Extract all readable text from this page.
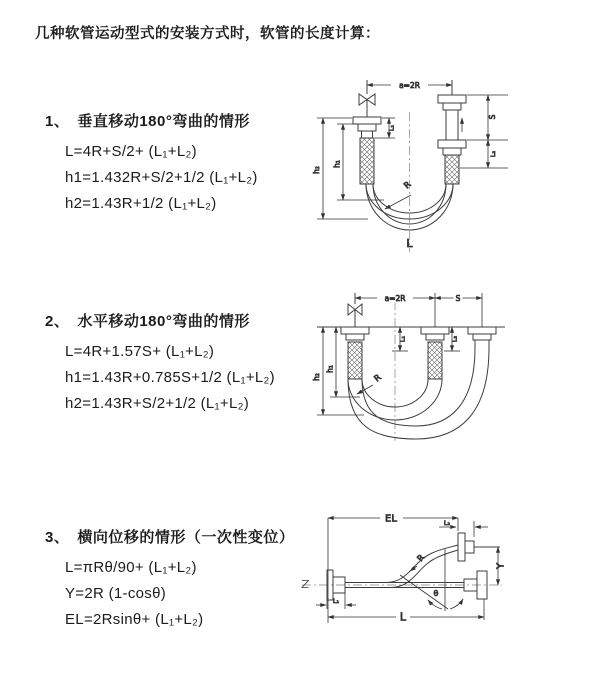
几种软管运动型式的安装方式时，软管的长度计算：
1、 垂直移动180°弯曲的情形
L=4R+S/2+ (L₁+L₂)
h1=1.432R+S/2+1/2 (L₁+L₂)
h2=1.43R+1/2 (L₁+L₂)
2、 水平移动180°弯曲的情形
L=4R+1.57S+ (L₁+L₂)
h1=1.43R+0.785S+1/2 (L₁+L₂)
h2=1.43R+S/2+1/2 (L₁+L₂)
3、 横向位移的情形（一次性变位）
L=πRθ/90+ (L₁+L₂)
Y=2R (1-cosθ)
EL=2Rsinθ+ (L₁+L₂)
a=2R
h₂
h₁
L₁
S
L₂
R
L
a=2R	S
h₂
h₁
L₁	L₂
R
EL	L₂
Y
L
R
θ
L₁
